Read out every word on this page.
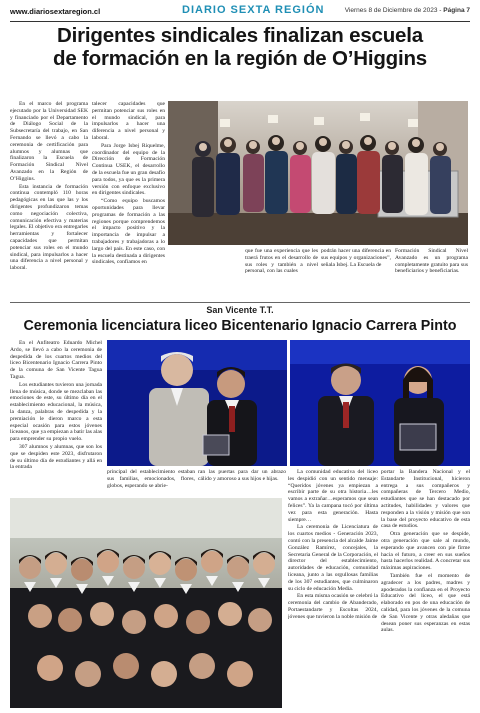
www.diariosextaregion.cl	DIARIO SEXTA REGIÓN	Viernes 8 de Diciembre de 2023 - Página 7
Dirigentes sindicales finalizan escuela
de formación en la región de O’Higgins

En el marco del programa ejecutado por la Universidad SEK y financiado por el Departamento de Diálogo Social de la Subsecretaría del trabajo, en San Fernando se llevó a cabo la ceremonia de certificación para alumnos y alumnas que finalizaron la Escuela de Formación Sindical Nivel Avanzado en la Región de O’Higgins.

Esta instancia de formación continua contempló 110 horas pedagógicas en las que las y los dirigentes profundizaron temas como negociación colectiva, comunicación efectiva y materias legales. El objetivo era entregarles herramientas y fortalecer capacidades que permitan potenciar sus roles en el mundo sindical, para impulsarlos a hacer una diferencia a nivel personal y laboral.

talecer capacidades que permitan potenciar sus roles en el mundo sindical, para impulsarlos a hacer una diferencia a nivel personal y laboral.

Para Jorge Isbej Riquelme, coordinador del equipo de la Dirección de Formación Continua USEK, el desarrollo de la escuela fue un gran desafío para todos, ya que es la primera versión con enfoque exclusivo en dirigentes sindicales.

“Como equipo buscamos oportunidades para llevar programas de formación a las regiones porque comprendemos el impacto positivo y la importancia de impulsar a trabajadores y trabajadoras a lo largo del país. En este caso, con la escuela destinada a dirigentes sindicales, confiamos en

que fue una experiencia que les traerá frutos en el desarrollo de sus roles y también a nivel personal, con las cuales

podrán hacer una diferencia en sus equipos y organizaciones”, señala Isbej. La Escuela de

Formación Sindical Nivel Avanzado es un programa completamente gratuito para sus beneficiarios y beneficiarias.

San Vicente T.T.
Ceremonia licenciatura liceo Bicentenario Ignacio Carrera Pinto

En el Anfiteatro Eduardo Michel Ardo, se llevó a cabo la ceremonia de despedida de los cuartos medios del liceo Bicentenario Ignacio Carrera Pinto de la comuna de San Vicente Tagua Tagua.

Los estudiantes tuvieron una jornada llena de música, donde se mezclaban las emociones de este, su último día en el establecimiento educacional, la música, la danza, palabras de despedida y la premiación le dieron marco a esta especial ocasión para estos jóvenes liceanos, que ya empiezan a batir las alas para emprender su propio vuelo.

307 alumnos y alumnas, que son los que se despiden este 2023, disfrutaron de su último día de estudiantes y allá en la entrada

principal del establecimiento estaban sus familias, emocionados, flores, globos, esperando se abrie-

ran las puertas para dar un abrazo cálido y amoroso a sus hijos e hijas.

La comunidad educativa del liceo les despidió con un sentido mensaje: “Queridos jóvenes ya empiezan a escribir parte de su otra historia…les vamos a extrañar…esperamos que sean felices”. Ya la campana tocó por última vez para esta generación. Hasta siempre…

La ceremonia de Licenciatura de los cuartos medios - Generación 2023, contó con la presencia del alcalde Jaime González Ramírez, concejales, la Secretaria General de la Corporación, el director del establecimiento, autoridades de educación, comunidad liceana, junto a las orgullosas familias de los 307 estudiantes, que culminaron su ciclo de educación Media.

En esta misma ocasión se celebró la ceremonia del cambio de Abanderado, Portaestandarte y Escoltas 2024, jóvenes que tuvieron la noble misión de

portar la Bandera Nacional y el Estandarte Institucional, hicieron entrega a sus compañeros y compañeras de Tercero Medio, estudiantes que se han destacado por actitudes, habilidades y valores que responden a la visión y misión que son la base del proyecto educativo de esta casa de estudios.

Otra generación que se despide, otra generación que sale al mundo, esperando que avancen con pie firme hacia el futuro, a creer en sus sueños hasta hacerlos realidad. A concretar sus máximas aspiraciones.

También fue el momento de agradecer a los padres, madres y apoderados la confianza en el Proyecto Educativo del liceo, el que está elaborado en pos de una educación de calidad, para los jóvenes de la comuna de San Vicente y otras aledañas que desean poner sus esperanzas en estas aulas.
